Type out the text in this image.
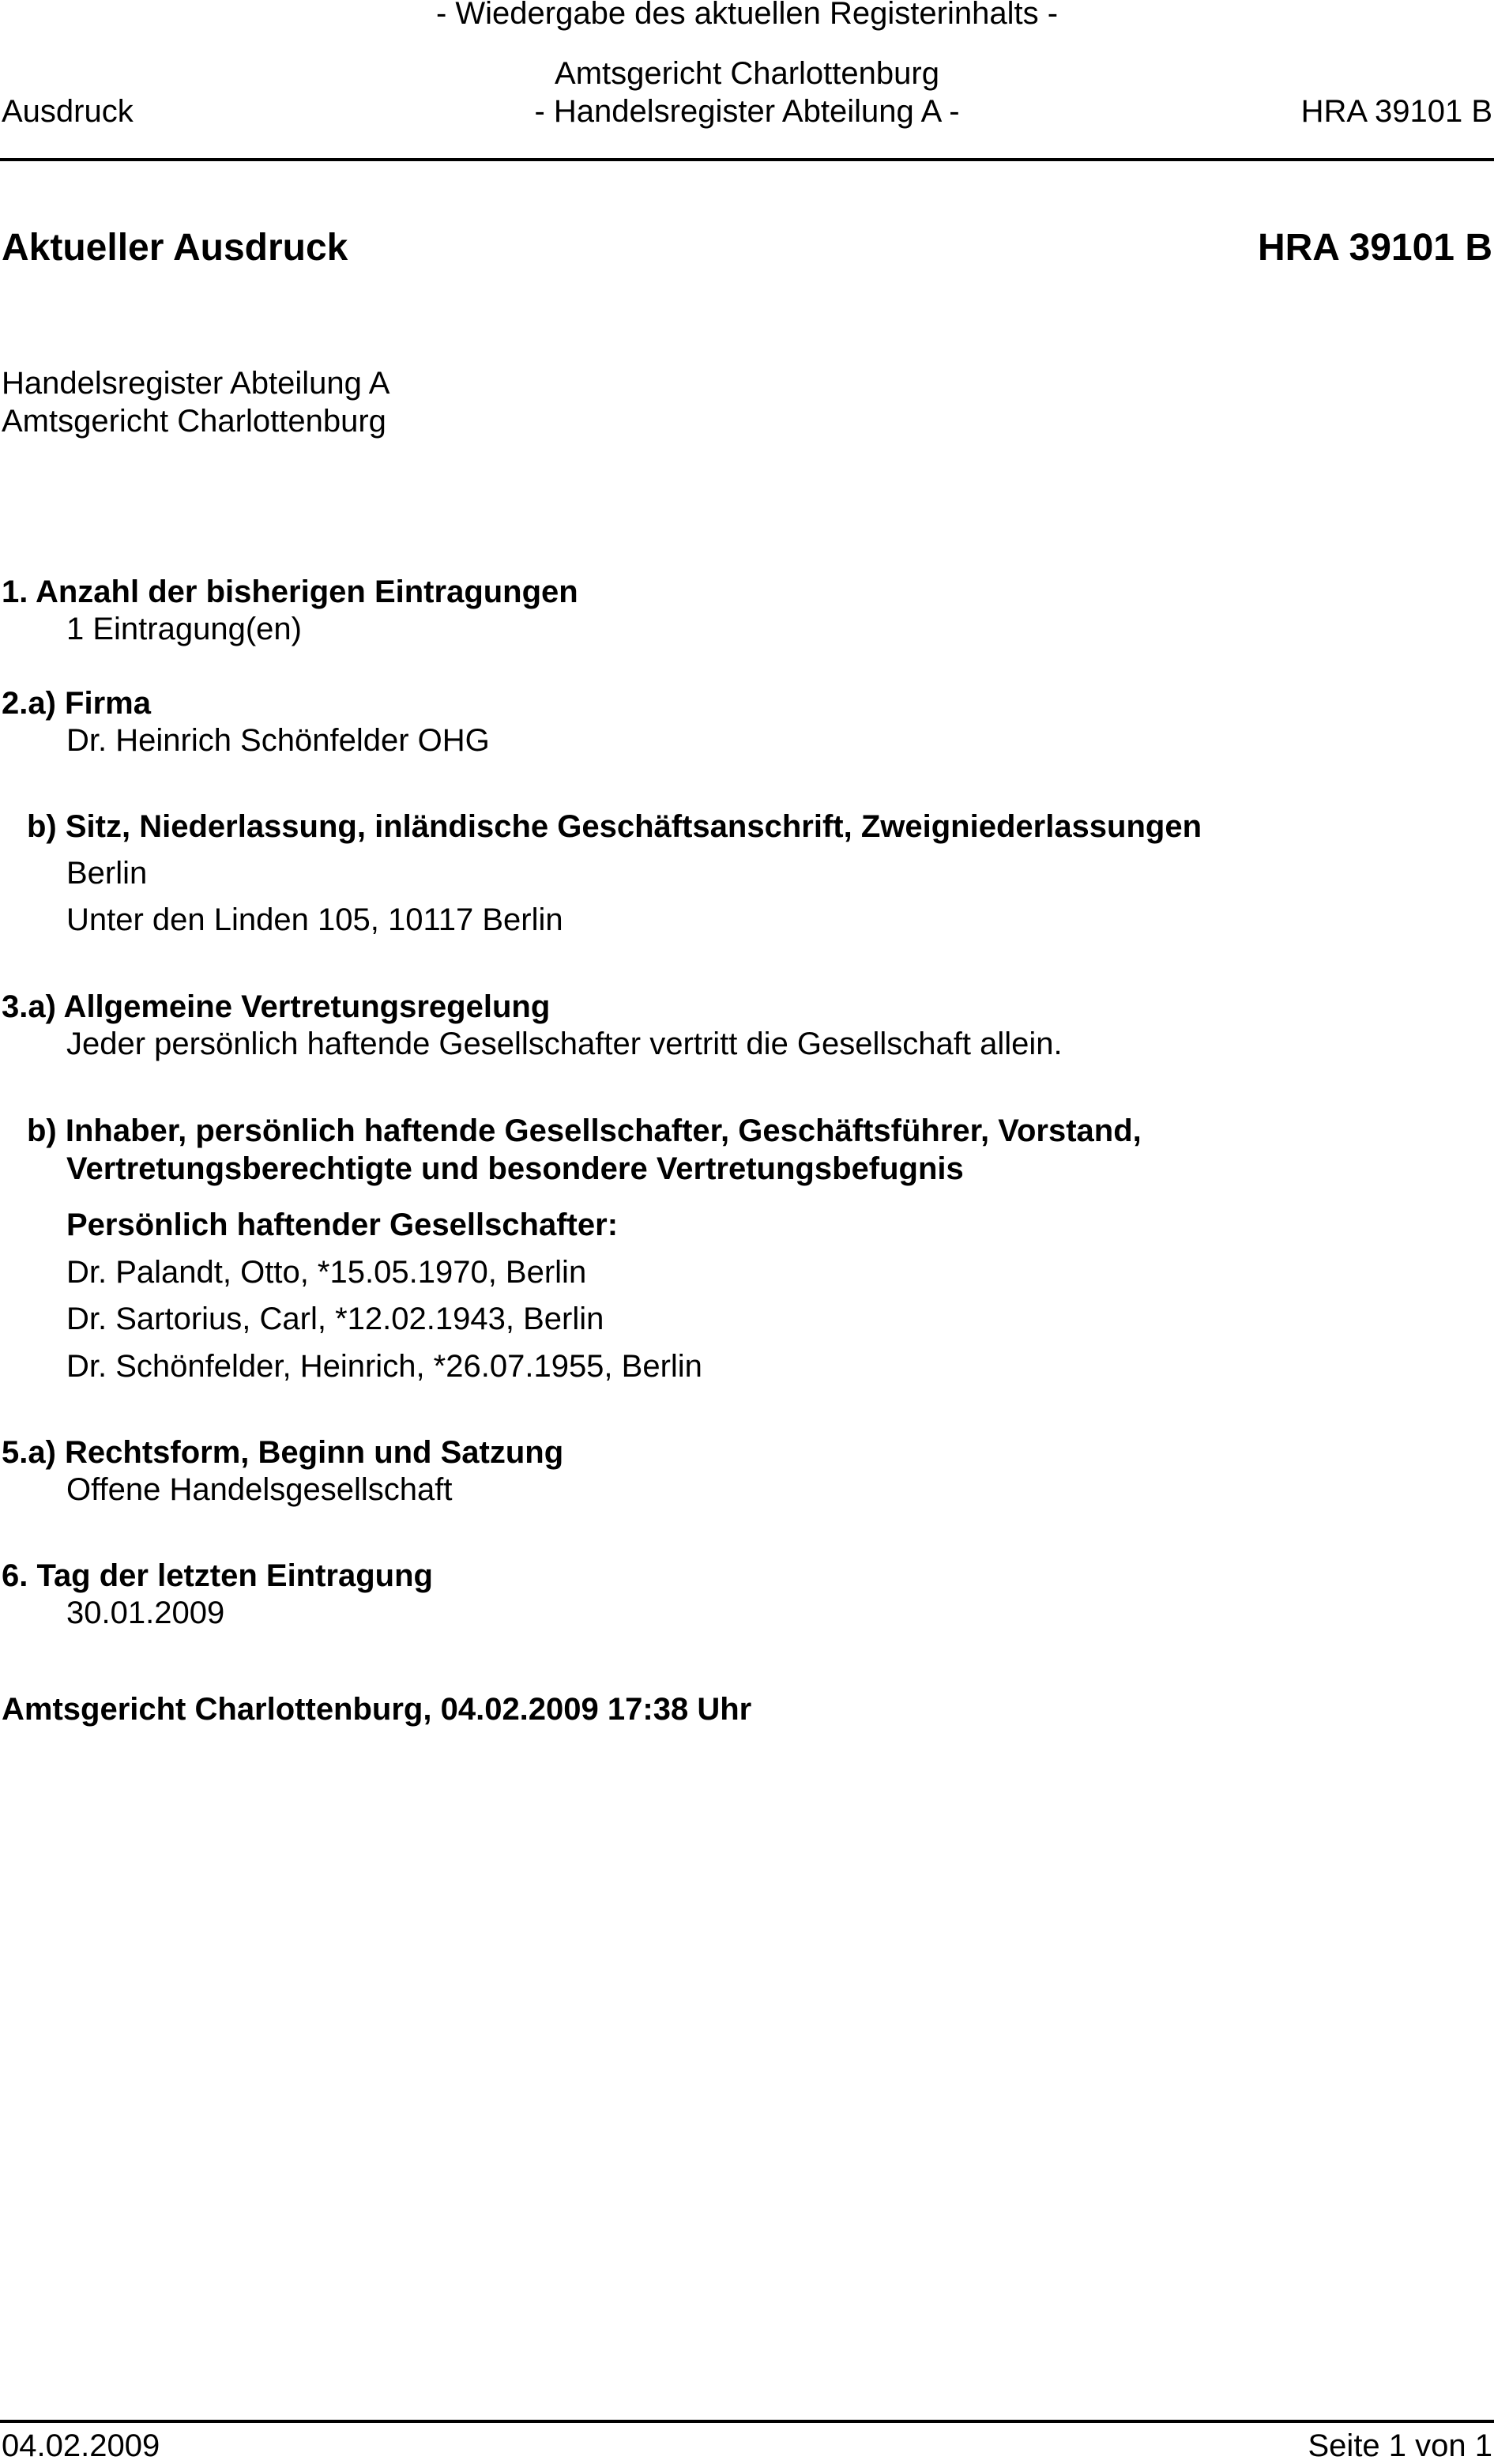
- Wiedergabe des aktuellen Registerinhalts -
Amtsgericht Charlottenburg
Ausdruck	- Handelsregister Abteilung A -	HRA 39101 B
Aktueller Ausdruck	HRA 39101 B
Handelsregister Abteilung A
Amtsgericht Charlottenburg
1. Anzahl der bisherigen Eintragungen
1 Eintragung(en)
2.a) Firma
Dr. Heinrich Schönfelder OHG
b) Sitz, Niederlassung, inländische Geschäftsanschrift, Zweigniederlassungen
Berlin
Unter den Linden 105, 10117 Berlin
3.a) Allgemeine Vertretungsregelung
Jeder persönlich haftende Gesellschafter vertritt die Gesellschaft allein.
b) Inhaber, persönlich haftende Gesellschafter, Geschäftsführer, Vorstand,
Vertretungsberechtigte und besondere Vertretungsbefugnis
Persönlich haftender Gesellschafter:
Dr. Palandt, Otto, *15.05.1970, Berlin
Dr. Sartorius, Carl, *12.02.1943, Berlin
Dr. Schönfelder, Heinrich, *26.07.1955, Berlin
5.a) Rechtsform, Beginn und Satzung
Offene Handelsgesellschaft
6. Tag der letzten Eintragung
30.01.2009
Amtsgericht Charlottenburg, 04.02.2009 17:38 Uhr
04.02.2009	Seite 1 von 1
